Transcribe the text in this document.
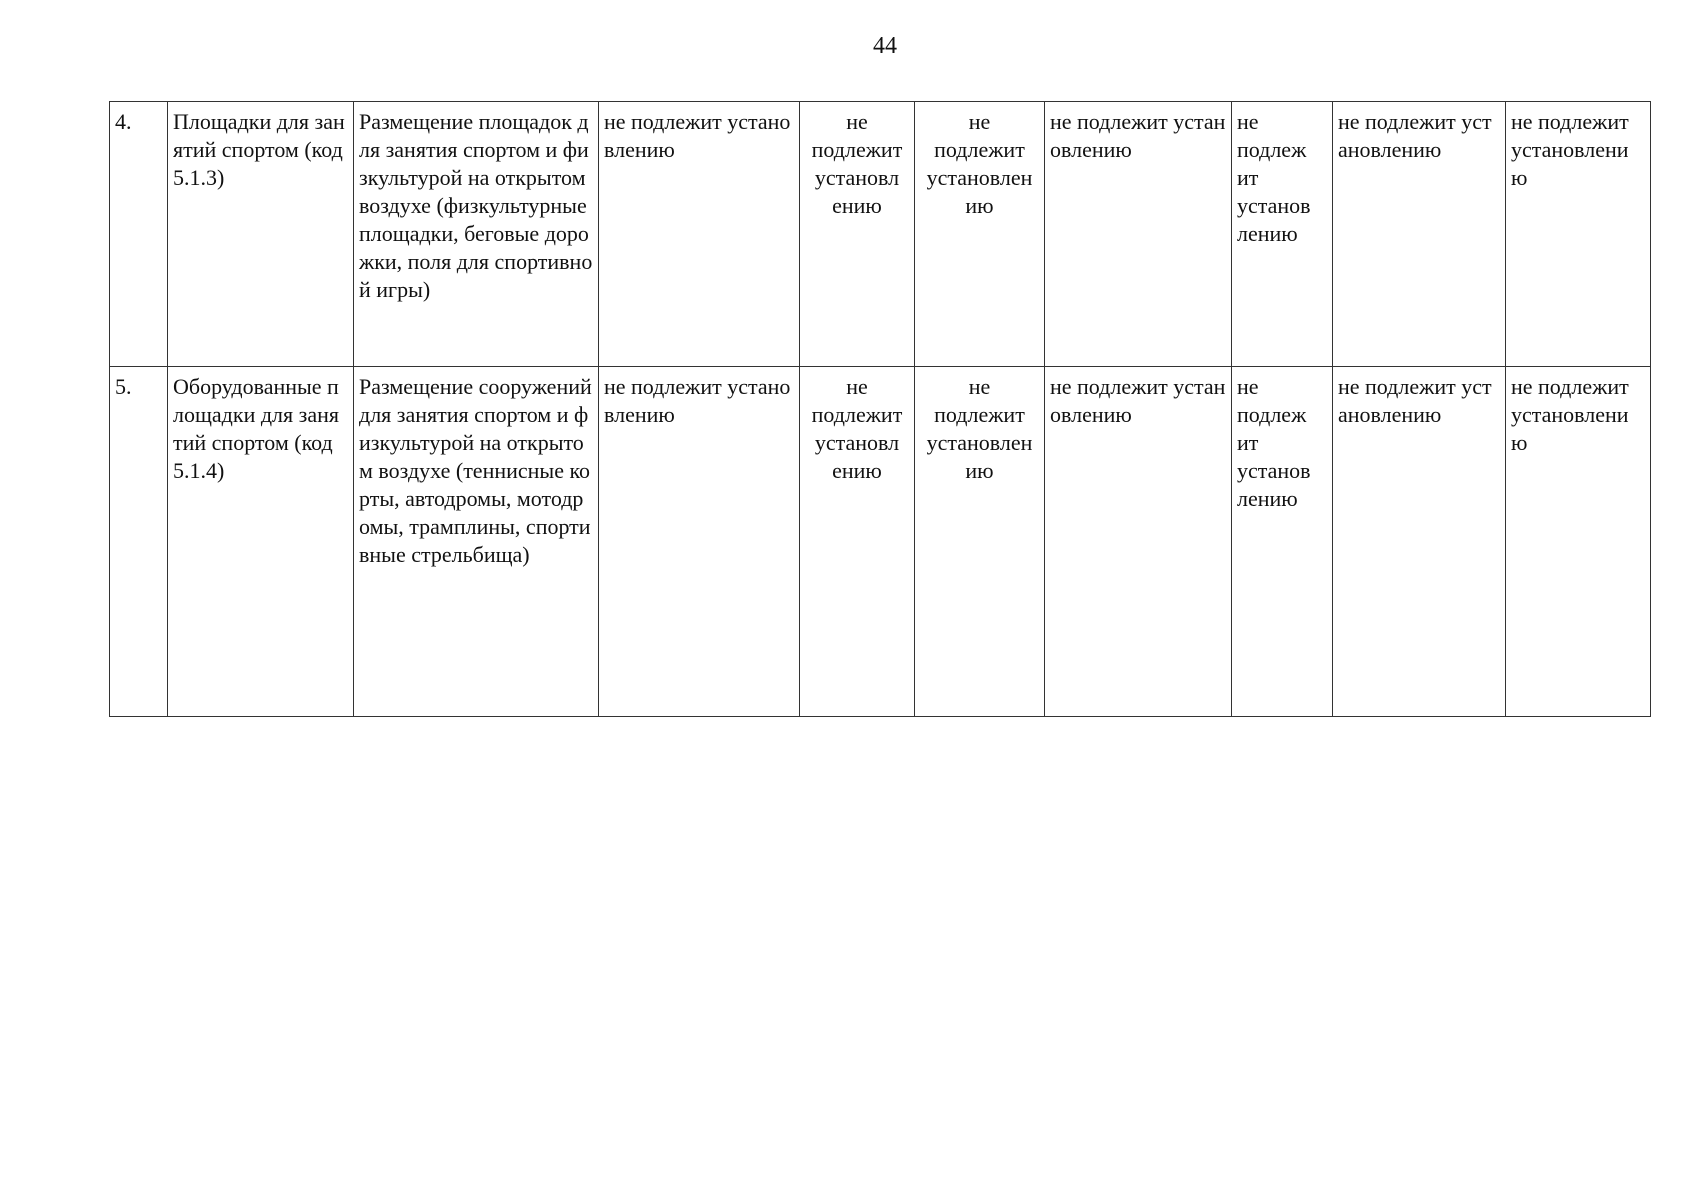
44
4.	Площадки для занятий спортом (код 5.1.3)	Размещение площадок для занятия спортом и физкультурой на открытом воздухе (физкультурные площадки, беговые дорожки, поля для спортивной игры)	не подлежит установлению	не
подлежит
установл
ению	не
подлежит
установлен
ию	не подлежит установлению	не
подлеж
ит
установ
лению	не подлежит установлению	не подлежит
установлени
ю
5.	Оборудованные площадки для занятий спортом (код 5.1.4)	Размещение сооружений для занятия спортом и физкультурой на открытом воздухе (теннисные корты, автодромы, мотодромы, трамплины, спортивные стрельбища)	не подлежит установлению	не
подлежит
установл
ению	не
подлежит
установлен
ию	не подлежит установлению	не
подлеж
ит
установ
лению	не подлежит установлению	не подлежит
установлени
ю
